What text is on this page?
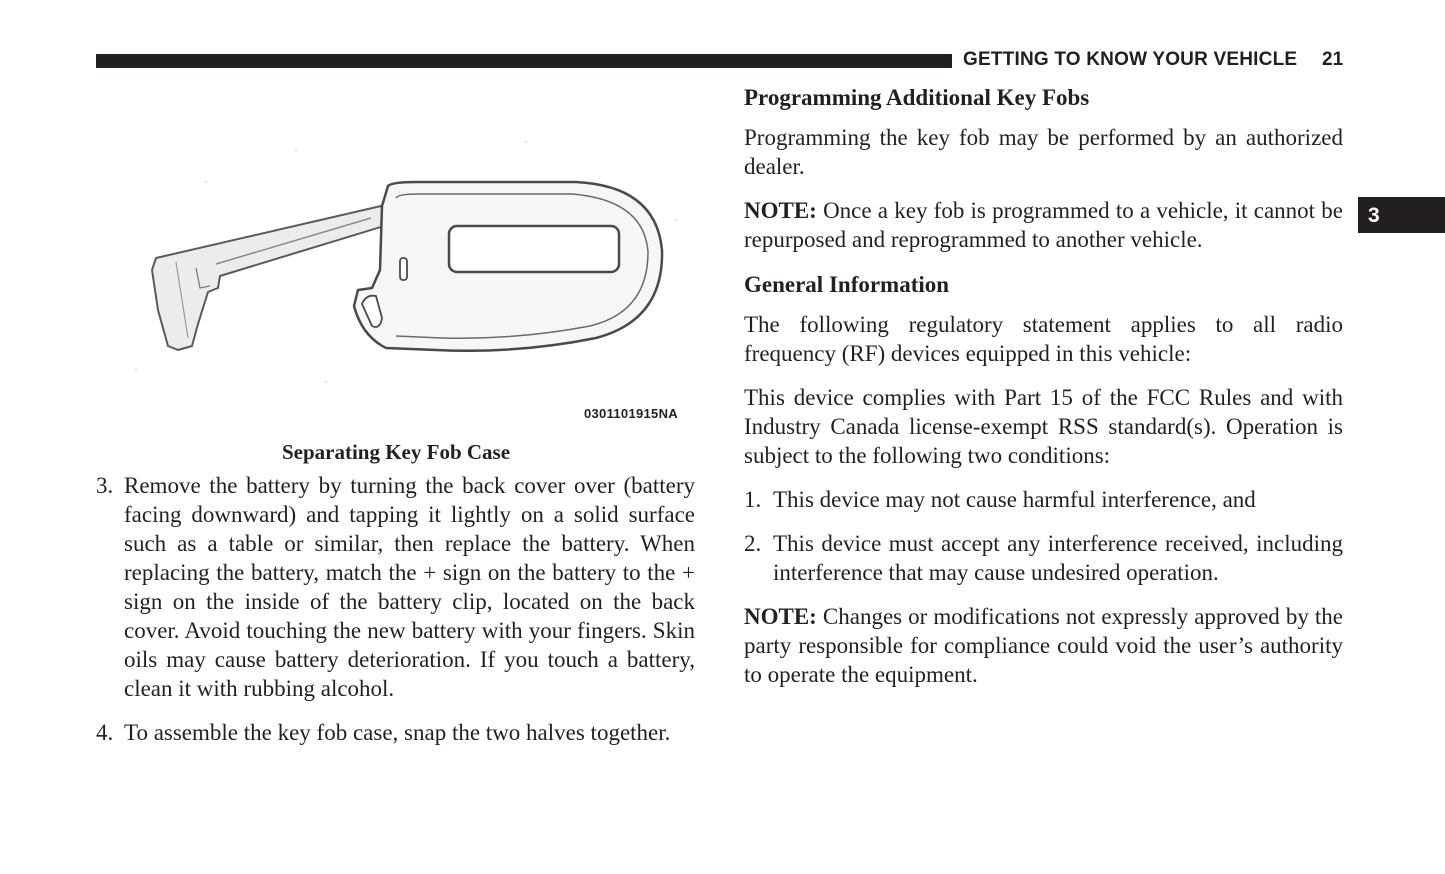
GETTING TO KNOW YOUR VEHICLE 21
3
0301101915NA
Separating Key Fob Case
3. Remove the battery by turning the back cover over (battery facing downward) and tapping it lightly on a solid surface such as a table or similar, then replace the battery. When replacing the battery, match the + sign on the battery to the + sign on the inside of the battery clip, located on the back cover. Avoid touching the new battery with your fingers. Skin oils may cause battery deterioration. If you touch a battery, clean it with rubbing alcohol.
4. To assemble the key fob case, snap the two halves together.
Programming Additional Key Fobs

Programming the key fob may be performed by an authorized dealer.

NOTE: Once a key fob is programmed to a vehicle, it cannot be repurposed and reprogrammed to another vehicle.

General Information

The following regulatory statement applies to all radio frequency (RF) devices equipped in this vehicle:

This device complies with Part 15 of the FCC Rules and with Industry Canada license-exempt RSS standard(s). Operation is subject to the following two conditions:

1. This device may not cause harmful interference, and
2. This device must accept any interference received, including interference that may cause undesired operation.

NOTE: Changes or modifications not expressly approved by the party responsible for compliance could void the user’s authority to operate the equipment.
